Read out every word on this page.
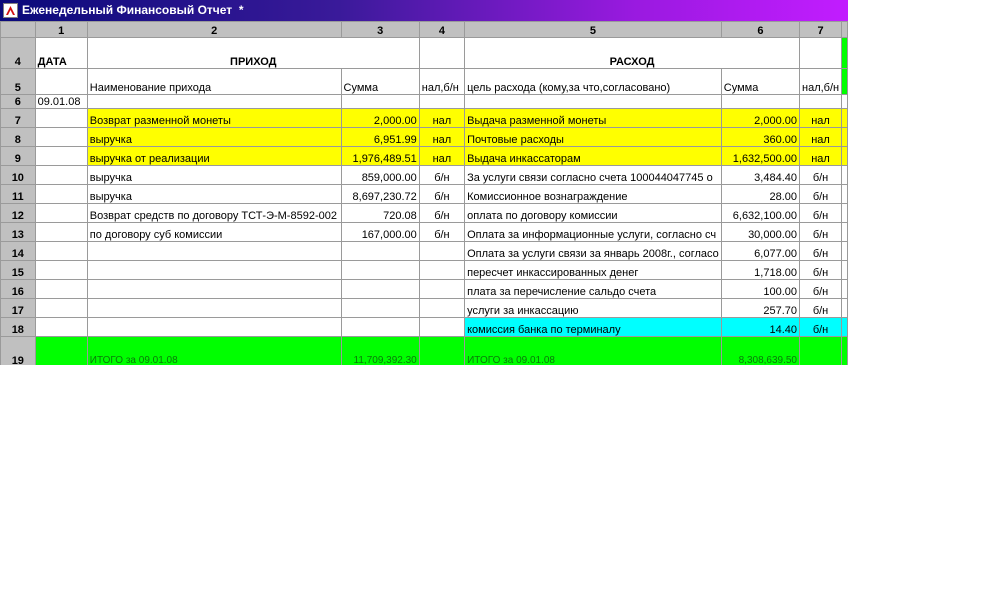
Еженедельный Финансовый Отчет  *
	1	2	3	4	5	6	7	
4	ДАТА	ПРИХОД			РАСХОД			
5		Наименование прихода	Сумма	нал,б/н	цель расхода (кому,за что,согласовано)	Сумма	нал,б/н	
6	09.01.08							
7		Возврат разменной монеты	2,000.00	нал	Выдача разменной монеты	2,000.00	нал	
8		выручка	6,951.99	нал	Почтовые расходы	360.00	нал	
9		выручка от реализации	1,976,489.51	нал	Выдача инкассаторам	1,632,500.00	нал	
10		выручка	859,000.00	б/н	За услуги связи согласно счета 100044047745 о	3,484.40	б/н	
11		выручка	8,697,230.72	б/н	Комиссионное вознаграждение	28.00	б/н	
12		Возврат средств по договору ТСТ-Э-М-8592-002	720.08	б/н	оплата по договору комиссии	6,632,100.00	б/н	
13		по договору суб комиссии	167,000.00	б/н	Оплата за информационные услуги, согласно сч	30,000.00	б/н	
14					Оплата за услуги связи за январь 2008г., согласо	6,077.00	б/н	
15					пересчет инкассированных денег	1,718.00	б/н	
16					плата за перечисление сальдо счета	100.00	б/н	
17					услуги за инкассацию	257.70	б/н	
18					комиссия банка по терминалу	14.40	б/н	
19		ИТОГО за 09.01.08	11,709,392.30		ИТОГО за 09.01.08	8,308,639.50		
